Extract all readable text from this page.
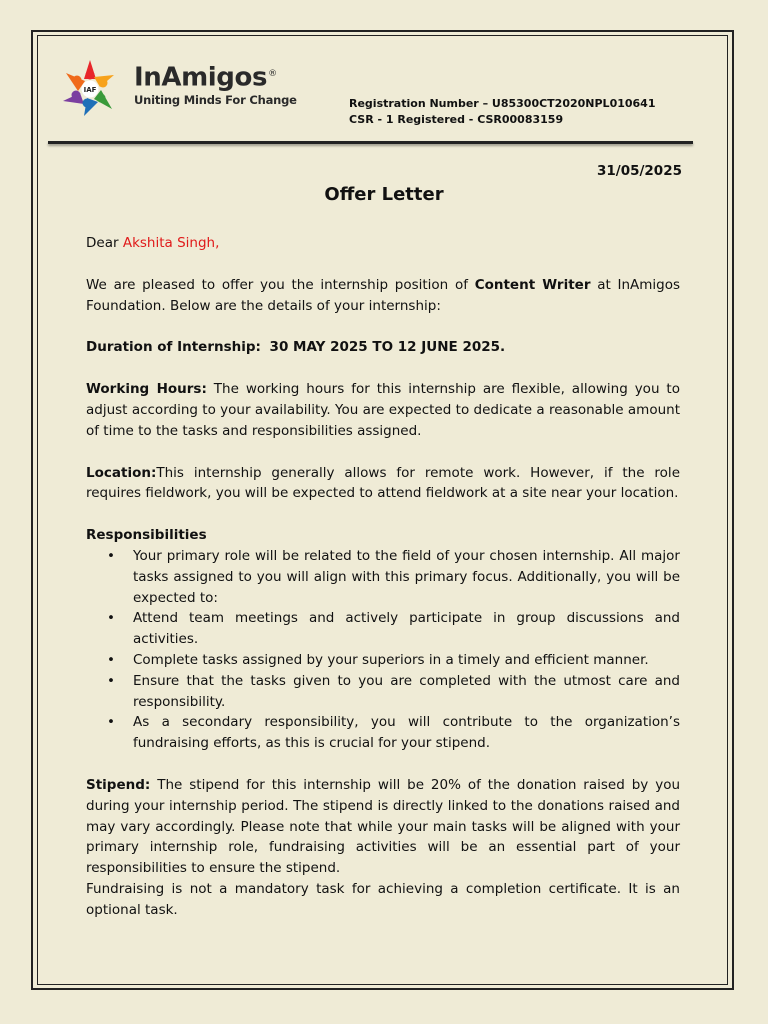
IAF InAmigos®
Uniting Minds For Change	Registration Number – U85300CT2020NPL010641
CSR - 1 Registered - CSR00083159
31/05/2025
Offer Letter

Dear Akshita Singh,

We are pleased to offer you the internship position of Content Writer at InAmigos Foundation. Below are the details of your internship:

Duration of Internship: 30 MAY 2025 TO 12 JUNE 2025.

Working Hours: The working hours for this internship are flexible, allowing you to adjust according to your availability. You are expected to dedicate a reasonable amount of time to the tasks and responsibilities assigned.

Location:This internship generally allows for remote work. However, if the role requires fieldwork, you will be expected to attend fieldwork at a site near your location.

Responsibilities

• Your primary role will be related to the field of your chosen internship. All major tasks assigned to you will align with this primary focus. Additionally, you will be expected to:
• Attend team meetings and actively participate in group discussions and activities.
• Complete tasks assigned by your superiors in a timely and efficient manner.
• Ensure that the tasks given to you are completed with the utmost care and responsibility.
• As a secondary responsibility, you will contribute to the organization’s fundraising efforts, as this is crucial for your stipend.

Stipend: The stipend for this internship will be 20% of the donation raised by you during your internship period. The stipend is directly linked to the donations raised and may vary accordingly. Please note that while your main tasks will be aligned with your primary internship role, fundraising activities will be an essential part of your responsibilities to ensure the stipend.

Fundraising is not a mandatory task for achieving a completion certificate. It is an optional task.
